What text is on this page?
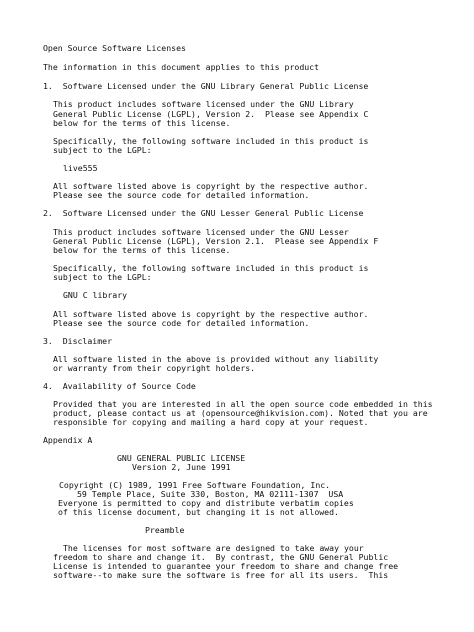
Open Source Software Licenses
The information in this document applies to this product
1.  Software Licensed under the GNU Library General Public License
This product includes software licensed under the GNU Library
General Public License (LGPL), Version 2.  Please see Appendix C
below for the terms of this license.
Specifically, the following software included in this product is
subject to the LGPL:
live555
All software listed above is copyright by the respective author.
Please see the source code for detailed information.
2.  Software Licensed under the GNU Lesser General Public License
This product includes software licensed under the GNU Lesser
General Public License (LGPL), Version 2.1.  Please see Appendix F
below for the terms of this license.
Specifically, the following software included in this product is
subject to the LGPL:
GNU C library
All software listed above is copyright by the respective author.
Please see the source code for detailed information.
3.  Disclaimer
All software listed in the above is provided without any liability
or warranty from their copyright holders.
4.  Availability of Source Code
Provided that you are interested in all the open source code embedded in this
product, please contact us at (opensource@hikvision.com). Noted that you are
responsible for copying and mailing a hard copy at your request.
Appendix A
GNU GENERAL PUBLIC LICENSE
Version 2, June 1991
Copyright (C) 1989, 1991 Free Software Foundation, Inc.
59 Temple Place, Suite 330, Boston, MA 02111-1307  USA
Everyone is permitted to copy and distribute verbatim copies
of this license document, but changing it is not allowed.
Preamble
The licenses for most software are designed to take away your
freedom to share and change it.  By contrast, the GNU General Public
License is intended to guarantee your freedom to share and change free
software--to make sure the software is free for all its users.  This
